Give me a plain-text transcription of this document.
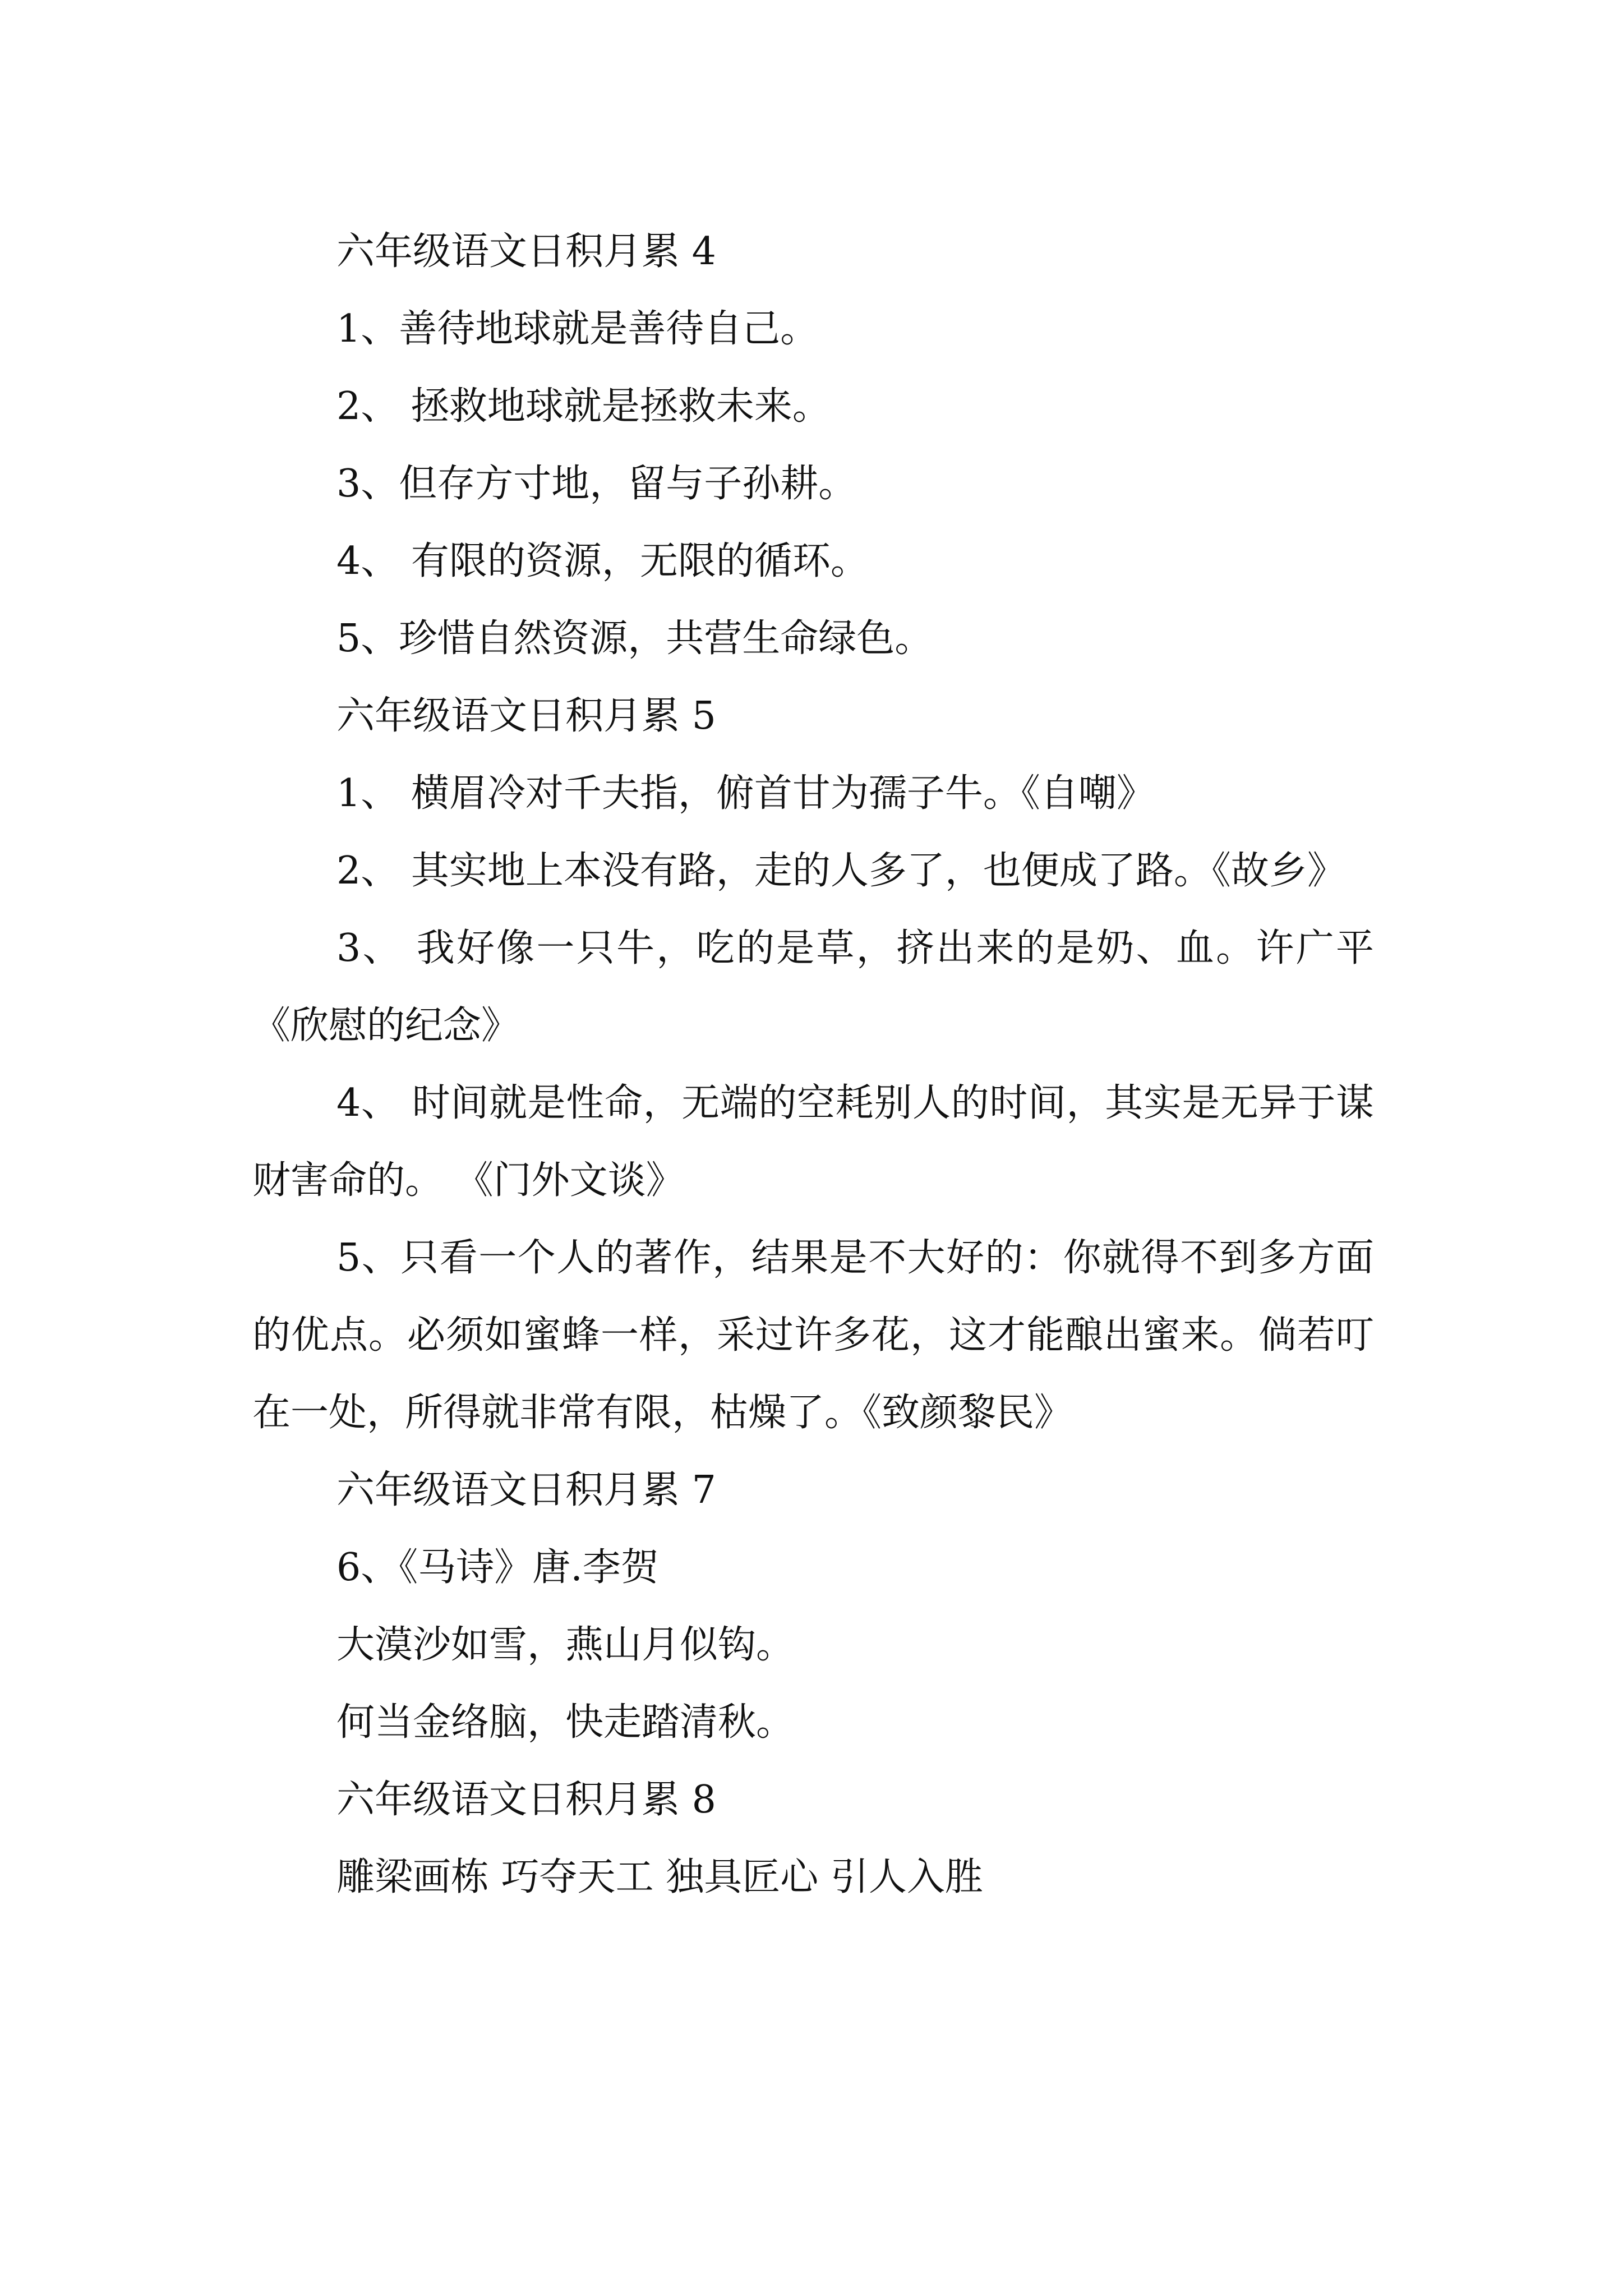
六年级语文日积月累 4

1、善待地球就是善待自己。

2、 拯救地球就是拯救未来。

3、但存方寸地，留与子孙耕。

4、 有限的资源，无限的循环。

5、珍惜自然资源，共营生命绿色。

六年级语文日积月累 5

1、 横眉冷对千夫指，俯首甘为孺子牛。《自嘲》

2、 其实地上本没有路，走的人多了，也便成了路。《故乡》

3、 我好像一只牛，吃的是草，挤出来的是奶、血。许广平《欣慰的纪念》

4、 时间就是性命，无端的空耗别人的时间，其实是无异于谋财害命的。 《门外文谈》

5、只看一个人的著作，结果是不大好的：你就得不到多方面的优点。必须如蜜蜂一样，采过许多花，这才能酿出蜜来。倘若叮在一处，所得就非常有限，枯燥了。《致颜黎民》

六年级语文日积月累 7

6、《马诗》唐.李贺

大漠沙如雪，燕山月似钩。

何当金络脑，快走踏清秋。

六年级语文日积月累 8

雕梁画栋 巧夺天工 独具匠心 引人入胜
